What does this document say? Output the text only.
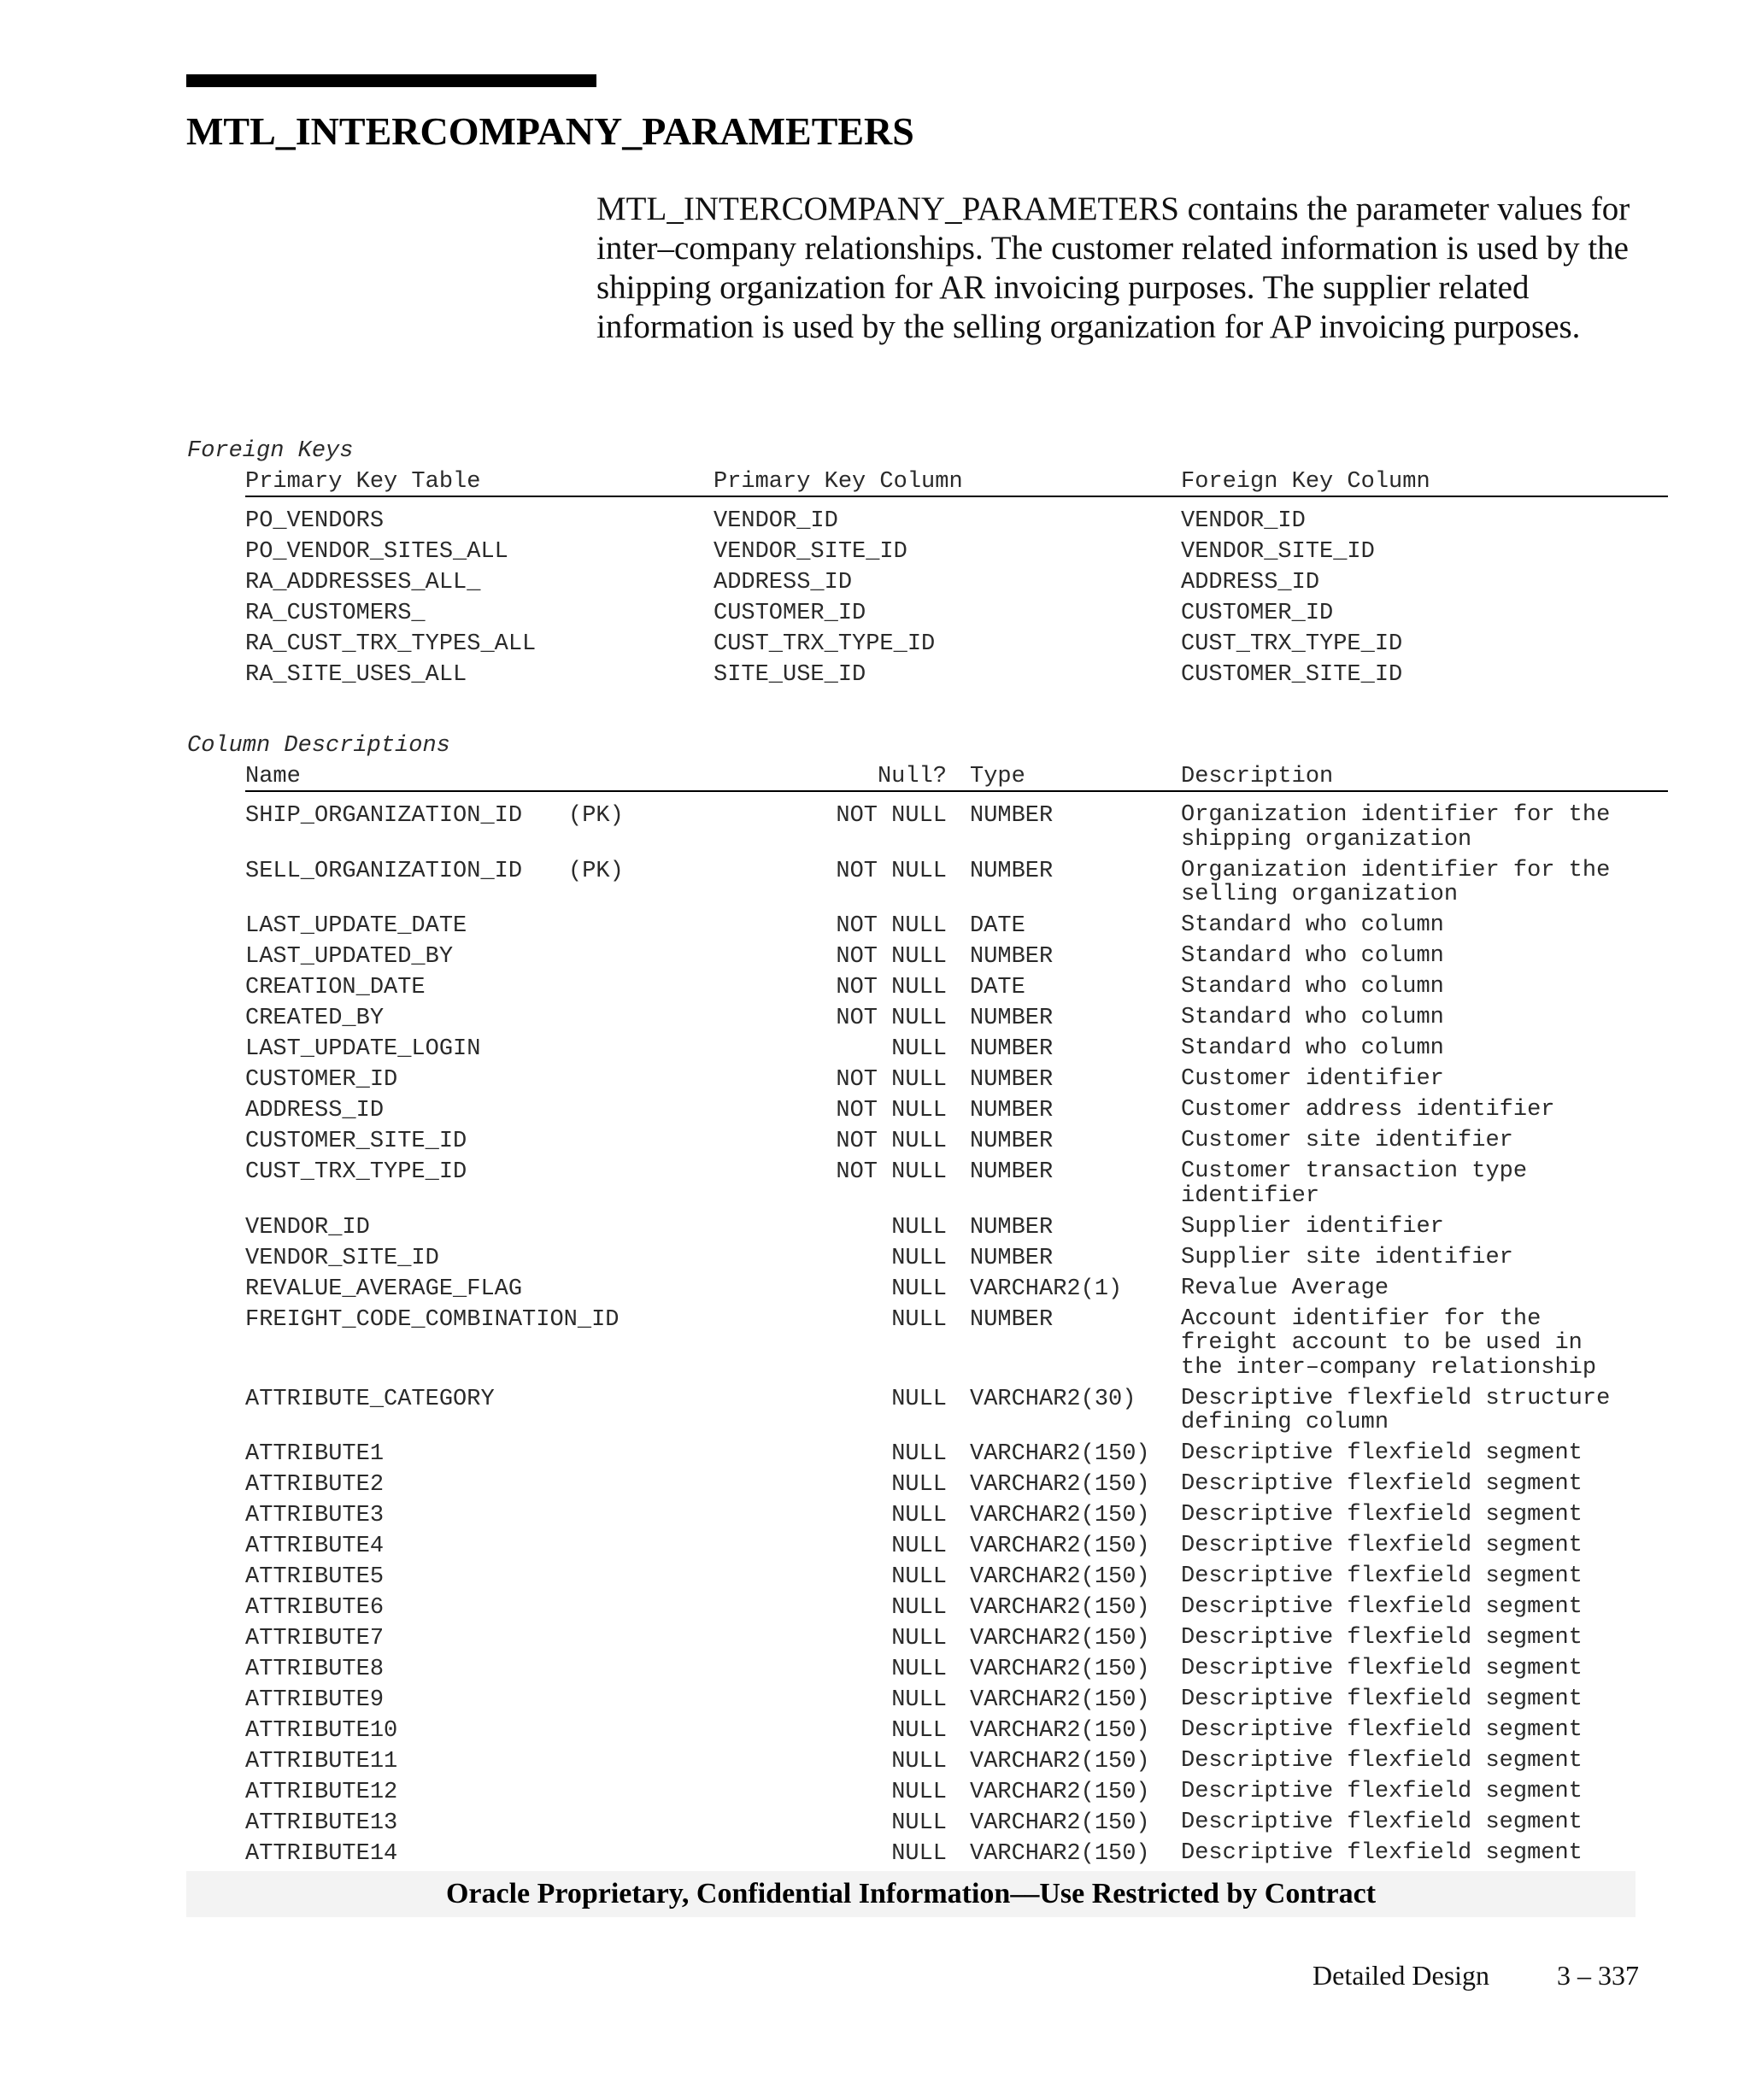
MTL_INTERCOMPANY_PARAMETERS

MTL_INTERCOMPANY_PARAMETERS contains the parameter values for inter–company relationships. The customer related information is used by the shipping organization for AR invoicing purposes. The supplier related information is used by the selling organization for AP invoicing purposes.

Foreign Keys

Primary Key Table	Primary Key Column	Foreign Key Column
PO_VENDORS	VENDOR_ID	VENDOR_ID
PO_VENDOR_SITES_ALL	VENDOR_SITE_ID	VENDOR_SITE_ID
RA_ADDRESSES_ALL_	ADDRESS_ID	ADDRESS_ID
RA_CUSTOMERS_	CUSTOMER_ID	CUSTOMER_ID
RA_CUST_TRX_TYPES_ALL	CUST_TRX_TYPE_ID	CUST_TRX_TYPE_ID
RA_SITE_USES_ALL	SITE_USE_ID	CUSTOMER_SITE_ID

Column Descriptions

Name	Null? Type	Description
SHIP_ORGANIZATION_ID (PK)	NOT NULL NUMBER	Organization identifier for the
shipping organization
SELL_ORGANIZATION_ID (PK)	NOT NULL NUMBER	Organization identifier for the
selling organization
LAST_UPDATE_DATE	NOT NULL DATE	Standard who column
LAST_UPDATED_BY	NOT NULL NUMBER	Standard who column
CREATION_DATE	NOT NULL DATE	Standard who column
CREATED_BY	NOT NULL NUMBER	Standard who column
LAST_UPDATE_LOGIN	NULL NUMBER	Standard who column
CUSTOMER_ID	NOT NULL NUMBER	Customer identifier
ADDRESS_ID	NOT NULL NUMBER	Customer address identifier
CUSTOMER_SITE_ID	NOT NULL NUMBER	Customer site identifier
CUST_TRX_TYPE_ID	NOT NULL NUMBER	Customer transaction type
identifier
VENDOR_ID	NULL NUMBER	Supplier identifier
VENDOR_SITE_ID	NULL NUMBER	Supplier site identifier
REVALUE_AVERAGE_FLAG	NULL VARCHAR2(1)	Revalue Average
FREIGHT_CODE_COMBINATION_ID	NULL NUMBER	Account identifier for the
freight account to be used in
the inter–company relationship
ATTRIBUTE_CATEGORY	NULL VARCHAR2(30) Descriptive flexfield structure
defining column
ATTRIBUTE1	NULL VARCHAR2(150) Descriptive flexfield segment
ATTRIBUTE2	NULL VARCHAR2(150) Descriptive flexfield segment
ATTRIBUTE3	NULL VARCHAR2(150) Descriptive flexfield segment
ATTRIBUTE4	NULL VARCHAR2(150) Descriptive flexfield segment
ATTRIBUTE5	NULL VARCHAR2(150) Descriptive flexfield segment
ATTRIBUTE6	NULL VARCHAR2(150) Descriptive flexfield segment
ATTRIBUTE7	NULL VARCHAR2(150) Descriptive flexfield segment
ATTRIBUTE8	NULL VARCHAR2(150) Descriptive flexfield segment
ATTRIBUTE9	NULL VARCHAR2(150) Descriptive flexfield segment
ATTRIBUTE10	NULL VARCHAR2(150) Descriptive flexfield segment
ATTRIBUTE11	NULL VARCHAR2(150) Descriptive flexfield segment
ATTRIBUTE12	NULL VARCHAR2(150) Descriptive flexfield segment
ATTRIBUTE13	NULL VARCHAR2(150) Descriptive flexfield segment
ATTRIBUTE14	NULL VARCHAR2(150) Descriptive flexfield segment
Oracle Proprietary, Confidential Information––Use Restricted by Contract
Detailed Design 3 – 337
